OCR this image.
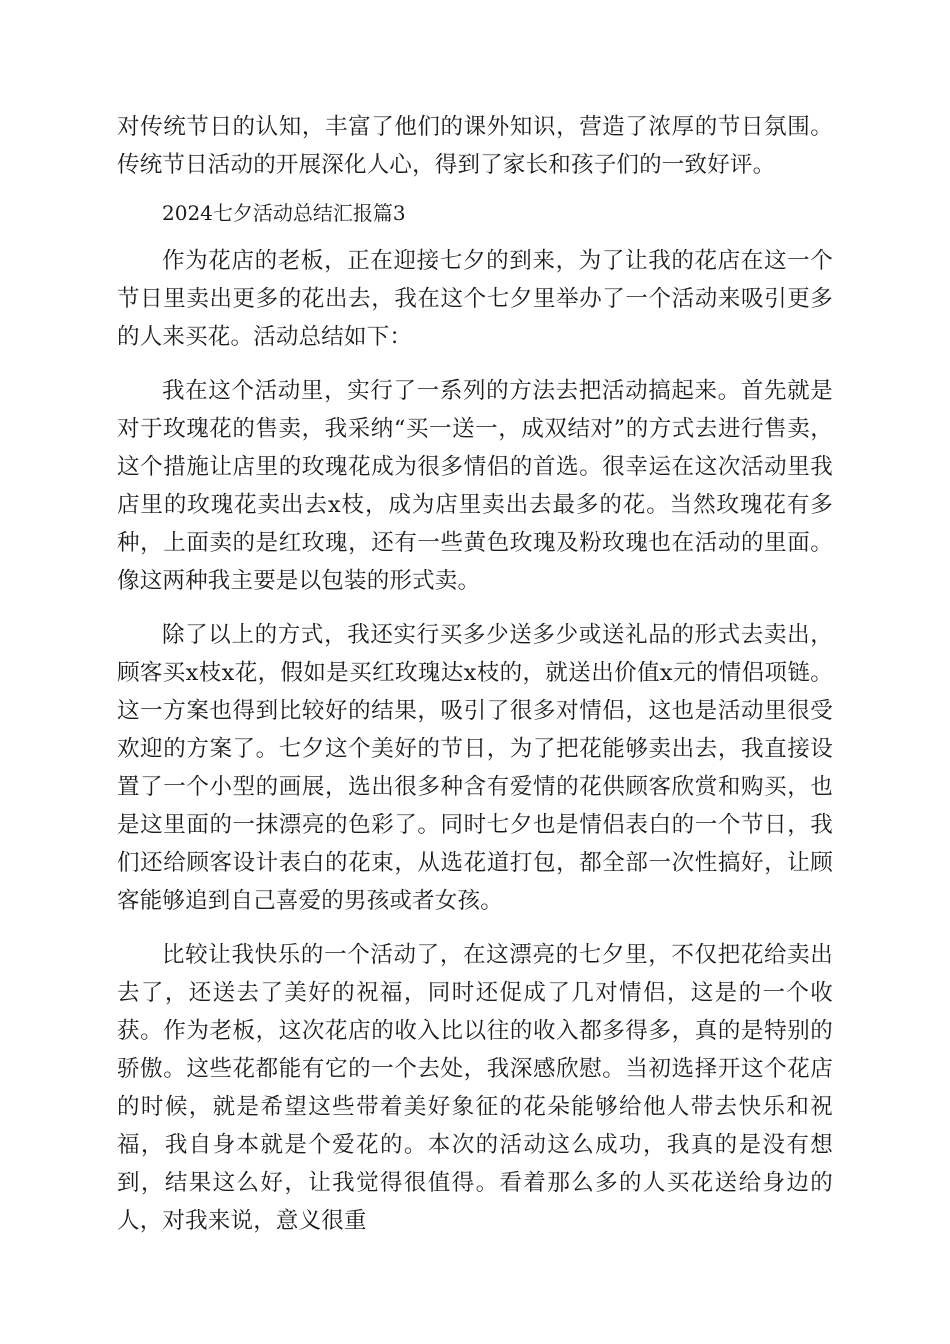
对传统节日的认知，丰富了他们的课外知识，营造了浓厚的节日氛围。传统节日活动的开展深化人心，得到了家长和孩子们的一致好评。

2024七夕活动总结汇报篇3

作为花店的老板，正在迎接七夕的到来，为了让我的花店在这一个节日里卖出更多的花出去，我在这个七夕里举办了一个活动来吸引更多的人来买花。活动总结如下：

我在这个活动里，实行了一系列的方法去把活动搞起来。首先就是对于玫瑰花的售卖，我采纳“买一送一，成双结对”的方式去进行售卖，这个措施让店里的玫瑰花成为很多情侣的首选。很幸运在这次活动里我店里的玫瑰花卖出去x枝，成为店里卖出去最多的花。当然玫瑰花有多种，上面卖的是红玫瑰，还有一些黄色玫瑰及粉玫瑰也在活动的里面。像这两种我主要是以包装的形式卖。

除了以上的方式，我还实行买多少送多少或送礼品的形式去卖出，顾客买x枝x花，假如是买红玫瑰达x枝的，就送出价值x元的情侣项链。这一方案也得到比较好的结果，吸引了很多对情侣，这也是活动里很受欢迎的方案了。七夕这个美好的节日，为了把花能够卖出去，我直接设置了一个小型的画展，选出很多种含有爱情的花供顾客欣赏和购买，也是这里面的一抹漂亮的色彩了。同时七夕也是情侣表白的一个节日，我们还给顾客设计表白的花束，从选花道打包，都全部一次性搞好，让顾客能够追到自己喜爱的男孩或者女孩。

比较让我快乐的一个活动了，在这漂亮的七夕里，不仅把花给卖出去了，还送去了美好的祝福，同时还促成了几对情侣，这是的一个收获。作为老板，这次花店的收入比以往的收入都多得多，真的是特别的骄傲。这些花都能有它的一个去处，我深感欣慰。当初选择开这个花店的时候，就是希望这些带着美好象征的花朵能够给他人带去快乐和祝福，我自身本就是个爱花的。本次的活动这么成功，我真的是没有想到，结果这么好，让我觉得很值得。看着那么多的人买花送给身边的人，对我来说，意义很重
